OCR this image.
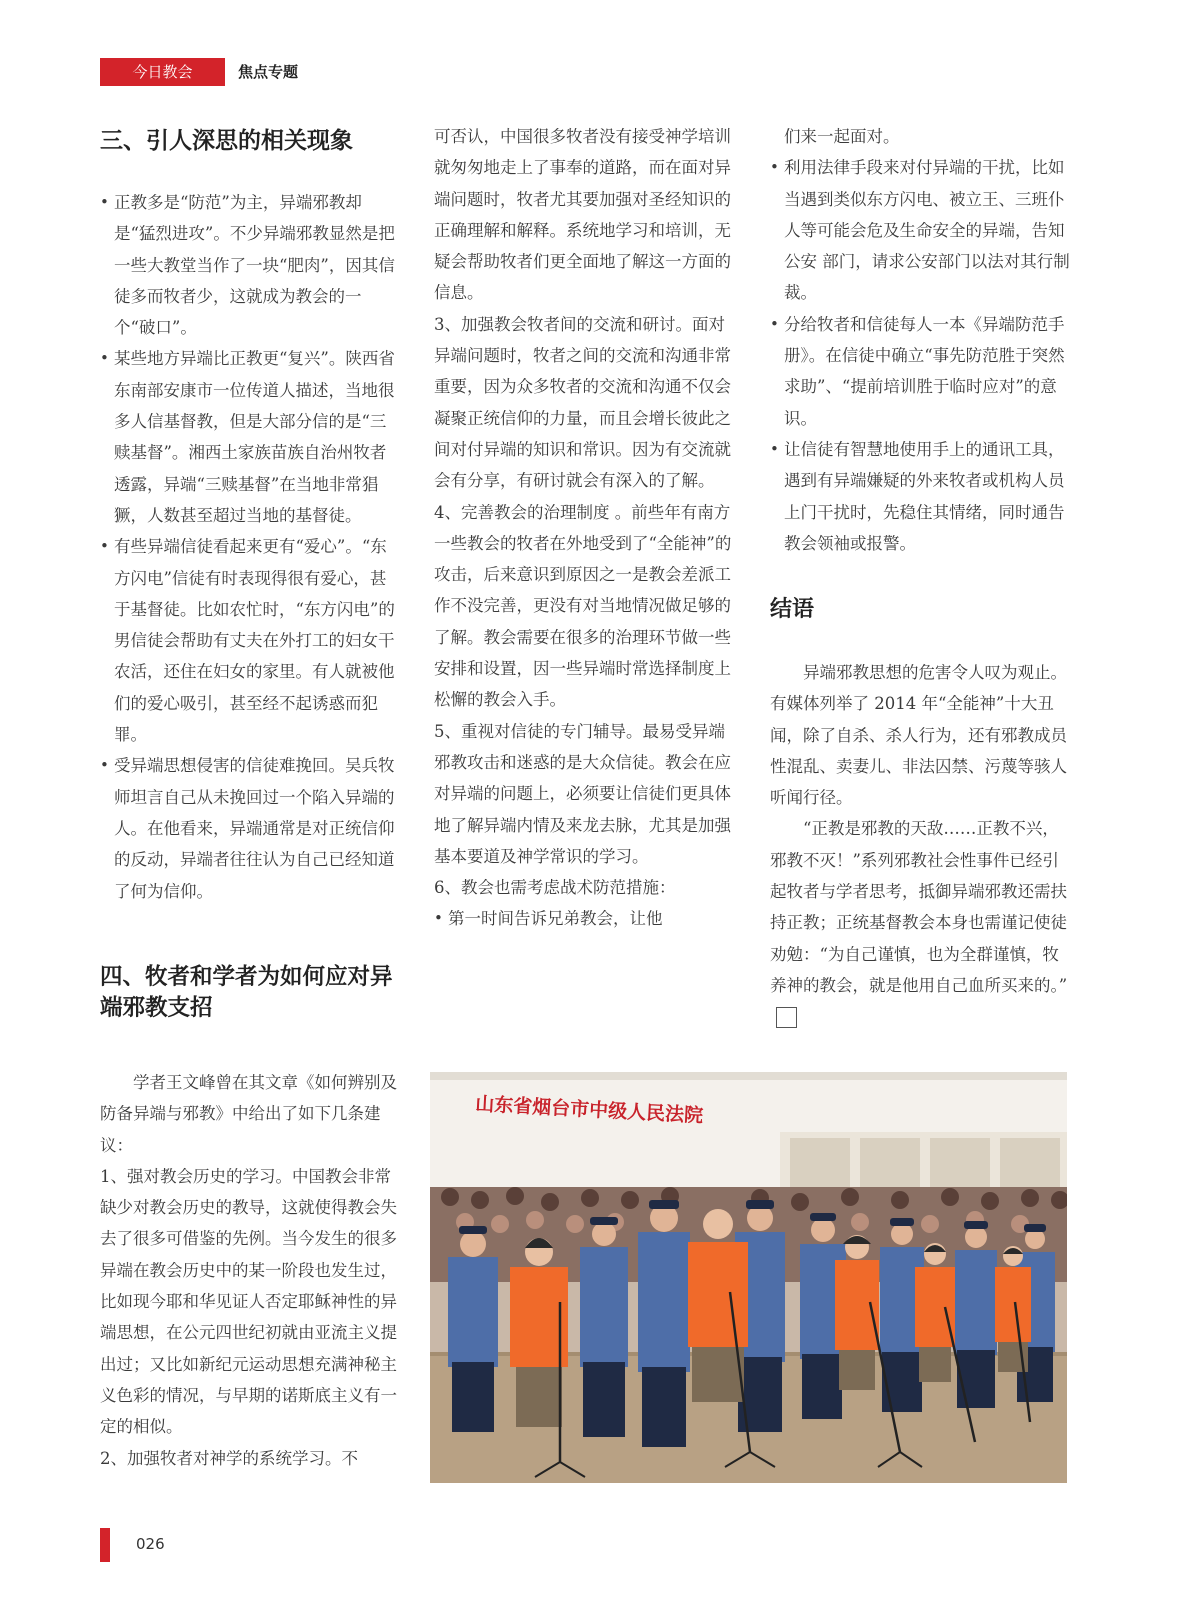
今日教会	焦点专题
三、引人深思的相关现象
• 正教多是“防范”为主，异端邪教却是“猛烈进攻”。不少异端邪教显然是把一些大教堂当作了一块“肥肉”，因其信徒多而牧者少，这就成为教会的一个“破口”。
• 某些地方异端比正教更“复兴”。陕西省东南部安康市一位传道人描述，当地很多人信基督教，但是大部分信的是“三赎基督”。湘西土家族苗族自治州牧者透露，异端“三赎基督”在当地非常猖獗，人数甚至超过当地的基督徒。
• 有些异端信徒看起来更有“爱心”。“东方闪电”信徒有时表现得很有爱心，甚于基督徒。比如农忙时，“东方闪电”的男信徒会帮助有丈夫在外打工的妇女干农活，还住在妇女的家里。有人就被他们的爱心吸引，甚至经不起诱惑而犯罪。
• 受异端思想侵害的信徒难挽回。吴兵牧师坦言自己从未挽回过一个陷入异端的人。在他看来，异端通常是对正统信仰的反动，异端者往往认为自己已经知道了何为信仰。
四、牧者和学者为如何应对异端邪教支招

学者王文峰曾在其文章《如何辨别及防备异端与邪教》中给出了如下几条建议：

1、强对教会历史的学习。中国教会非常缺少对教会历史的教导，这就使得教会失去了很多可借鉴的先例。当今发生的很多异端在教会历史中的某一阶段也发生过，比如现今耶和华见证人否定耶稣神性的异端思想，在公元四世纪初就由亚流主义提出过；又比如新纪元运动思想充满神秘主义色彩的情况，与早期的诺斯底主义有一定的相似。

2、加强牧者对神学的系统学习。不

可否认，中国很多牧者没有接受神学培训就匆匆地走上了事奉的道路，而在面对异端问题时，牧者尤其要加强对圣经知识的正确理解和解释。系统地学习和培训，无疑会帮助牧者们更全面地了解这一方面的信息。

3、加强教会牧者间的交流和研讨。面对异端问题时，牧者之间的交流和沟通非常重要，因为众多牧者的交流和沟通不仅会凝聚正统信仰的力量，而且会增长彼此之间对付异端的知识和常识。因为有交流就会有分享，有研讨就会有深入的了解。

4、完善教会的治理制度 。前些年有南方一些教会的牧者在外地受到了“全能神”的攻击，后来意识到原因之一是教会差派工作不没完善，更没有对当地情况做足够的了解。教会需要在很多的治理环节做一些安排和设置，因一些异端时常选择制度上松懈的教会入手。

5、重视对信徒的专门辅导。最易受异端邪教攻击和迷惑的是大众信徒。教会在应对异端的问题上，必须要让信徒们更具体地了解异端内情及来龙去脉，尤其是加强基本要道及神学常识的学习。

6、教会也需考虑战术防范措施：

• 第一时间告诉兄弟教会，让他

们来一起面对。

• 利用法律手段来对付异端的干扰，比如当遇到类似东方闪电、被立王、三班仆人等可能会危及生命安全的异端，告知公安 部门，请求公安部门以法对其行制裁。
• 分给牧者和信徒每人一本《异端防范手册》。在信徒中确立“事先防范胜于突然求助”、“提前培训胜于临时应对”的意识。
• 让信徒有智慧地使用手上的通讯工具，遇到有异端嫌疑的外来牧者或机构人员上门干扰时，先稳住其情绪，同时通告教会领袖或报警。
结语

异端邪教思想的危害令人叹为观止。有媒体列举了 2014 年“全能神”十大丑闻，除了自杀、杀人行为，还有邪教成员性混乱、卖妻儿、非法囚禁、污蔑等骇人听闻行径。

“正教是邪教的天敌……正教不兴，邪教不灭！”系列邪教社会性事件已经引起牧者与学者思考，抵御异端邪教还需扶持正教；正统基督教会本身也需谨记使徒劝勉：“为自己谨慎，也为全群谨慎，牧养神的教会，就是他用自己血所买来的。”

山东省烟台市中级人民法院
026
